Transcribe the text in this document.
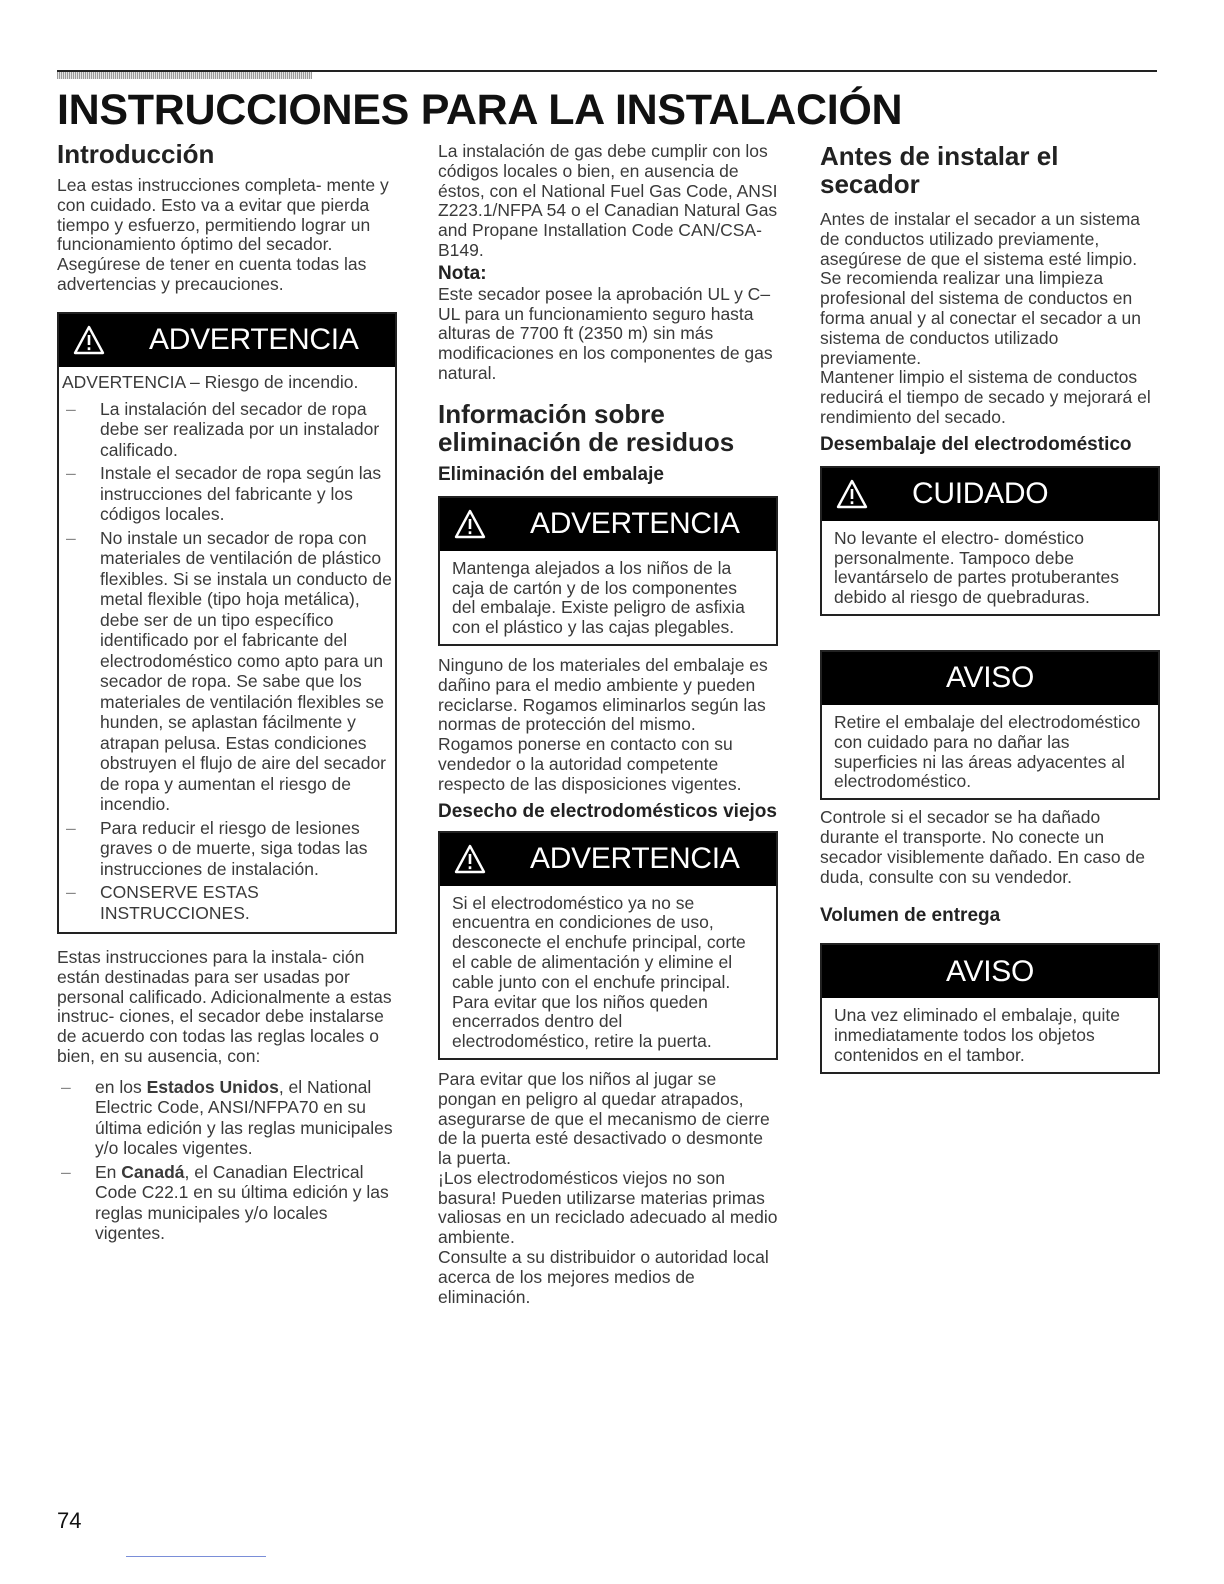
INSTRUCCIONES PARA LA INSTALACIÓN
Introducción

Lea estas instrucciones completa- mente y con cuidado. Esto va a evitar que pierda tiempo y esfuerzo, permitiendo lograr un funcionamiento óptimo del secador. Asegúrese de tener en cuenta todas las advertencias y precauciones.

ADVERTENCIA

ADVERTENCIA – Riesgo de incendio.

– La instalación del secador de ropa debe ser realizada por un instalador calificado.
– Instale el secador de ropa según las instrucciones del fabricante y los códigos locales.
– No instale un secador de ropa con materiales de ventilación de plástico flexibles. Si se instala un conducto de metal flexible (tipo hoja metálica), debe ser de un tipo específico identificado por el fabricante del electrodoméstico como apto para un secador de ropa. Se sabe que los materiales de ventilación flexibles se hunden, se aplastan fácilmente y atrapan pelusa. Estas condiciones obstruyen el flujo de aire del secador de ropa y aumentan el riesgo de incendio.
– Para reducir el riesgo de lesiones graves o de muerte, siga todas las instrucciones de instalación.
– CONSERVE ESTAS INSTRUCCIONES.

Estas instrucciones para la instala- ción están destinadas para ser usadas por personal calificado. Adicionalmente a estas instruc- ciones, el secador debe instalarse de acuerdo con todas las reglas locales o bien, en su ausencia, con:

– en los Estados Unidos, el National Electric Code, ANSI/NFPA70 en su última edición y las reglas municipales y/o locales vigentes.
– En Canadá, el Canadian Electrical Code C22.1 en su última edición y las reglas municipales y/o locales vigentes.

La instalación de gas debe cumplir con los códigos locales o bien, en ausencia de éstos, con el National Fuel Gas Code, ANSI Z223.1/NFPA 54 o el Canadian Natural Gas and Propane Installation Code CAN/CSA-B149.

Nota:

Este secador posee la aprobación UL y C–UL para un funcionamiento seguro hasta alturas de 7700 ft (2350 m) sin más modificaciones en los componentes de gas natural.

Información sobre eliminación de residuos
Eliminación del embalaje
ADVERTENCIA

Mantenga alejados a los niños de la caja de cartón y de los componentes del embalaje. Existe peligro de asfixia con el plástico y las cajas plegables.

Ninguno de los materiales del embalaje es dañino para el medio ambiente y pueden reciclarse. Rogamos eliminarlos según las normas de protección del mismo.

Rogamos ponerse en contacto con su vendedor o la autoridad competente respecto de las disposiciones vigentes.

Desecho de electrodomésticos viejos
ADVERTENCIA

Si el electrodoméstico ya no se encuentra en condiciones de uso, desconecte el enchufe principal, corte el cable de alimentación y elimine el cable junto con el enchufe principal. Para evitar que los niños queden encerrados dentro del electrodoméstico, retire la puerta.

Para evitar que los niños al jugar se pongan en peligro al quedar atrapados, asegurarse de que el mecanismo de cierre de la puerta esté desactivado o desmonte la puerta.

¡Los electrodomésticos viejos no son basura! Pueden utilizarse materias primas valiosas en un reciclado adecuado al medio ambiente.

Consulte a su distribuidor o autoridad local acerca de los mejores medios de eliminación.

Antes de instalar el secador

Antes de instalar el secador a un sistema de conductos utilizado previamente, asegúrese de que el sistema esté limpio. Se recomienda realizar una limpieza profesional del sistema de conductos en forma anual y al conectar el secador a un sistema de conductos utilizado previamente.

Mantener limpio el sistema de conductos reducirá el tiempo de secado y mejorará el rendimiento del secado.

Desembalaje del electrodoméstico
CUIDADO

No levante el electro- doméstico personalmente. Tampoco debe levantárselo de partes protuberantes debido al riesgo de quebraduras.

AVISO

Retire el embalaje del electrodoméstico con cuidado para no dañar las superficies ni las áreas adyacentes al electrodoméstico.

Controle si el secador se ha dañado durante el transporte. No conecte un secador visiblemente dañado. En caso de duda, consulte con su vendedor.

Volumen de entrega
AVISO

Una vez eliminado el embalaje, quite inmediatamente todos los objetos contenidos en el tambor.

74
